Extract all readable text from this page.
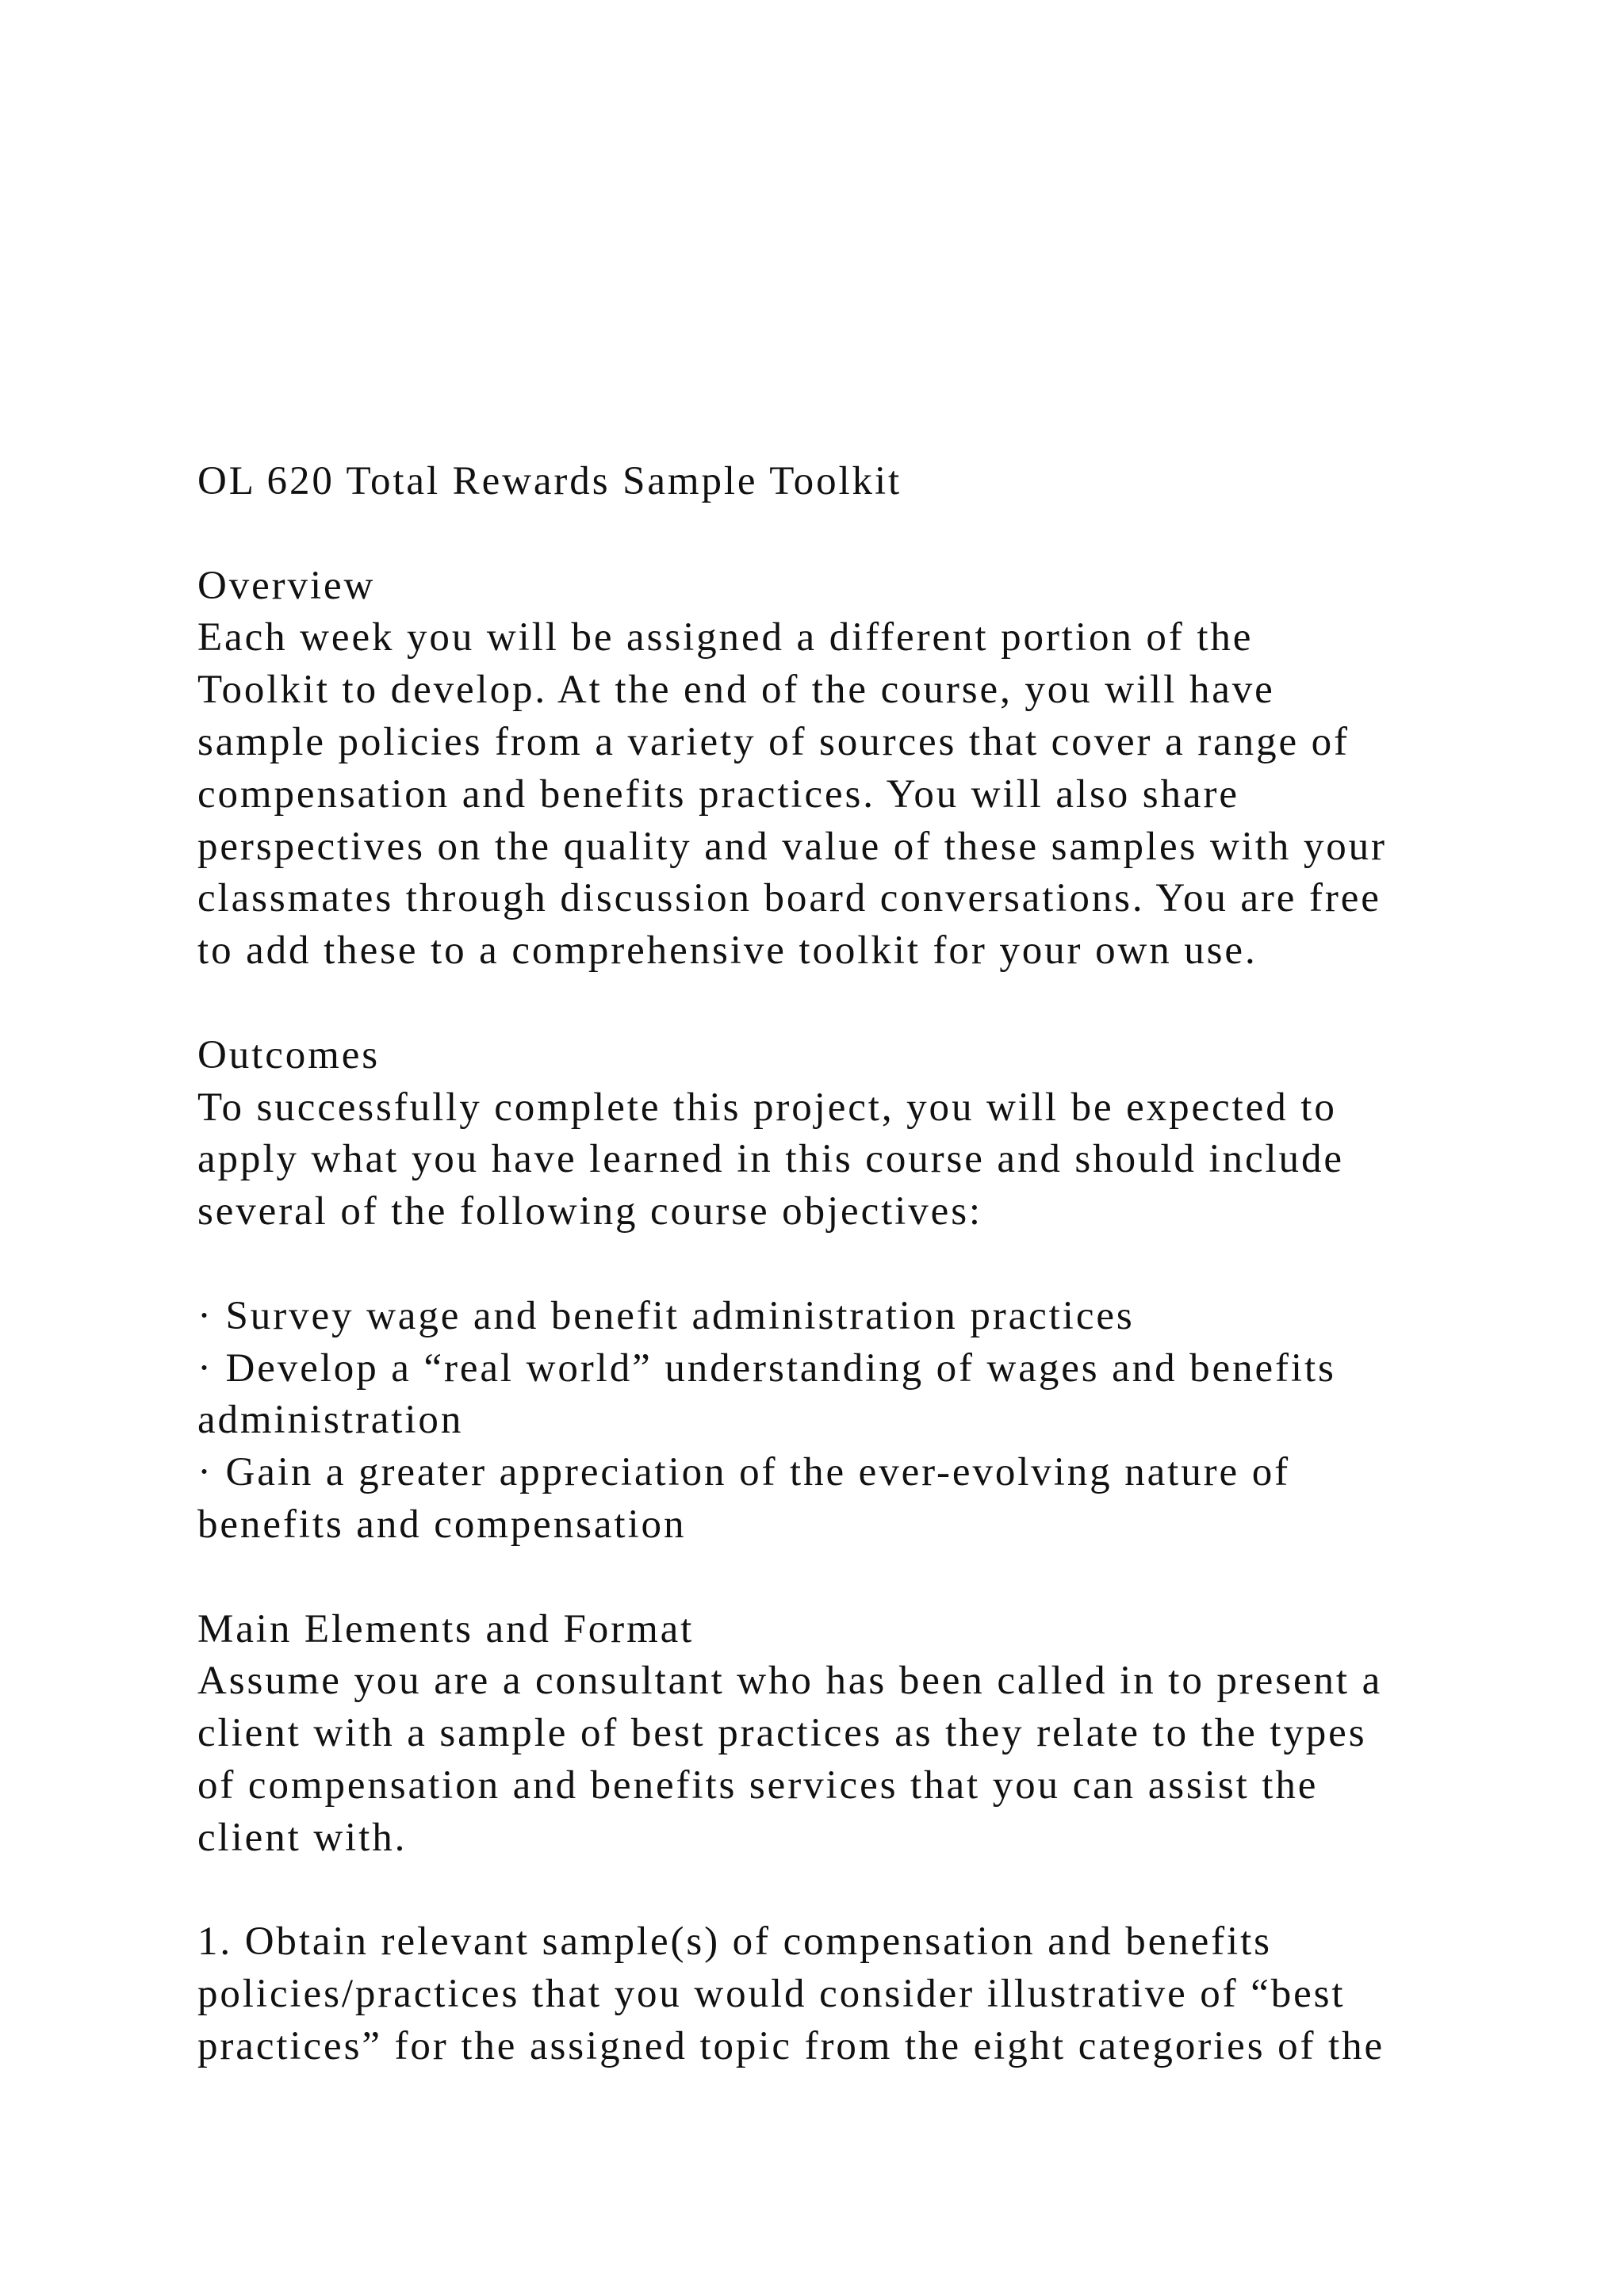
OL 620 Total Rewards Sample Toolkit
Overview
Each week you will be assigned a different portion of the
Toolkit to develop. At the end of the course, you will have
sample policies from a variety of sources that cover a range of
compensation and benefits practices. You will also share
perspectives on the quality and value of these samples with your
classmates through discussion board conversations. You are free
to add these to a comprehensive toolkit for your own use.
Outcomes
To successfully complete this project, you will be expected to
apply what you have learned in this course and should include
several of the following course objectives:
· Survey wage and benefit administration practices
· Develop a “real world” understanding of wages and benefits
administration
· Gain a greater appreciation of the ever-evolving nature of
benefits and compensation
Main Elements and Format
Assume you are a consultant who has been called in to present a
client with a sample of best practices as they relate to the types
of compensation and benefits services that you can assist the
client with.
1. Obtain relevant sample(s) of compensation and benefits
policies/practices that you would consider illustrative of “best
practices” for the assigned topic from the eight categories of the
